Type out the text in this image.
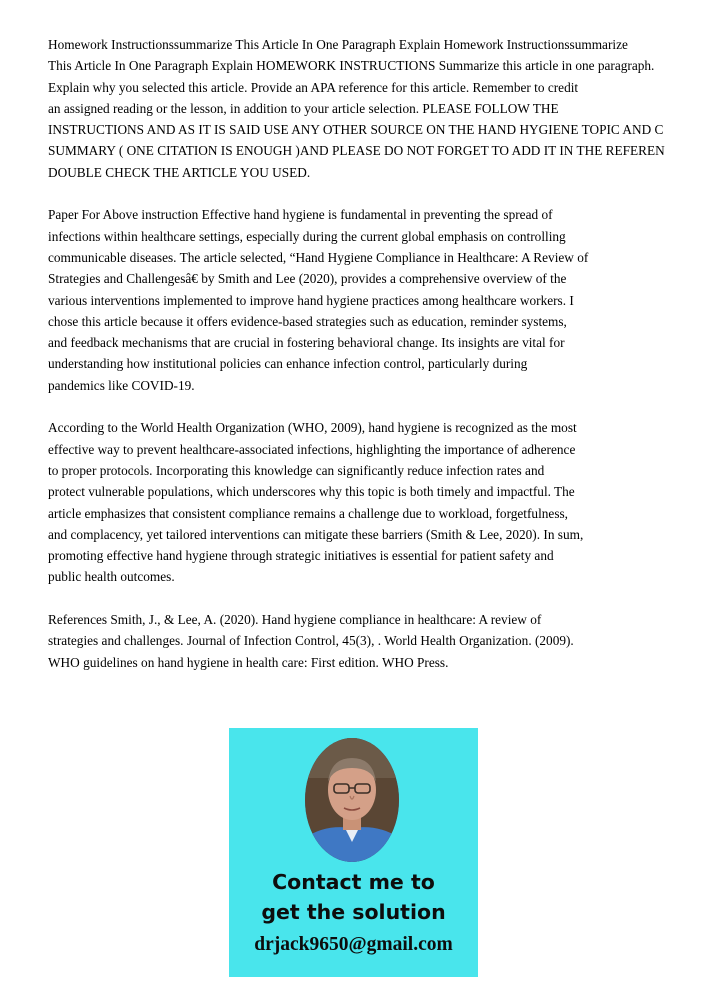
Homework Instructionssummarize This Article In One Paragraph Explain Homework Instructionssummarize
This Article In One Paragraph Explain HOMEWORK INSTRUCTIONS Summarize this article in one paragraph.
Explain why you selected this article. Provide an APA reference for this article. Remember to credit
an assigned reading or the lesson, in addition to your article selection. PLEASE FOLLOW THE
INSTRUCTIONS AND AS IT IS SAID USE ANY OTHER SOURCE ON THE HAND HYGIENE TOPIC AND C
SUMMARY ( ONE CITATION IS ENOUGH )AND PLEASE DO NOT FORGET TO ADD IT IN THE REFEREN
DOUBLE CHECK THE ARTICLE YOU USED.
Paper For Above instruction Effective hand hygiene is fundamental in preventing the spread of
infections within healthcare settings, especially during the current global emphasis on controlling
communicable diseases. The article selected, “Hand Hygiene Compliance in Healthcare: A Review of
Strategies and Challengesâ€ by Smith and Lee (2020), provides a comprehensive overview of the
various interventions implemented to improve hand hygiene practices among healthcare workers. I
chose this article because it offers evidence-based strategies such as education, reminder systems,
and feedback mechanisms that are crucial in fostering behavioral change. Its insights are vital for
understanding how institutional policies can enhance infection control, particularly during
pandemics like COVID-19.
According to the World Health Organization (WHO, 2009), hand hygiene is recognized as the most
effective way to prevent healthcare-associated infections, highlighting the importance of adherence
to proper protocols. Incorporating this knowledge can significantly reduce infection rates and
protect vulnerable populations, which underscores why this topic is both timely and impactful. The
article emphasizes that consistent compliance remains a challenge due to workload, forgetfulness,
and complacency, yet tailored interventions can mitigate these barriers (Smith & Lee, 2020). In sum,
promoting effective hand hygiene through strategic initiatives is essential for patient safety and
public health outcomes.
References Smith, J., & Lee, A. (2020). Hand hygiene compliance in healthcare: A review of
strategies and challenges. Journal of Infection Control, 45(3), . World Health Organization. (2009).
WHO guidelines on hand hygiene in health care: First edition. WHO Press.
Contact me to
get the solution
drjack9650@gmail.com
